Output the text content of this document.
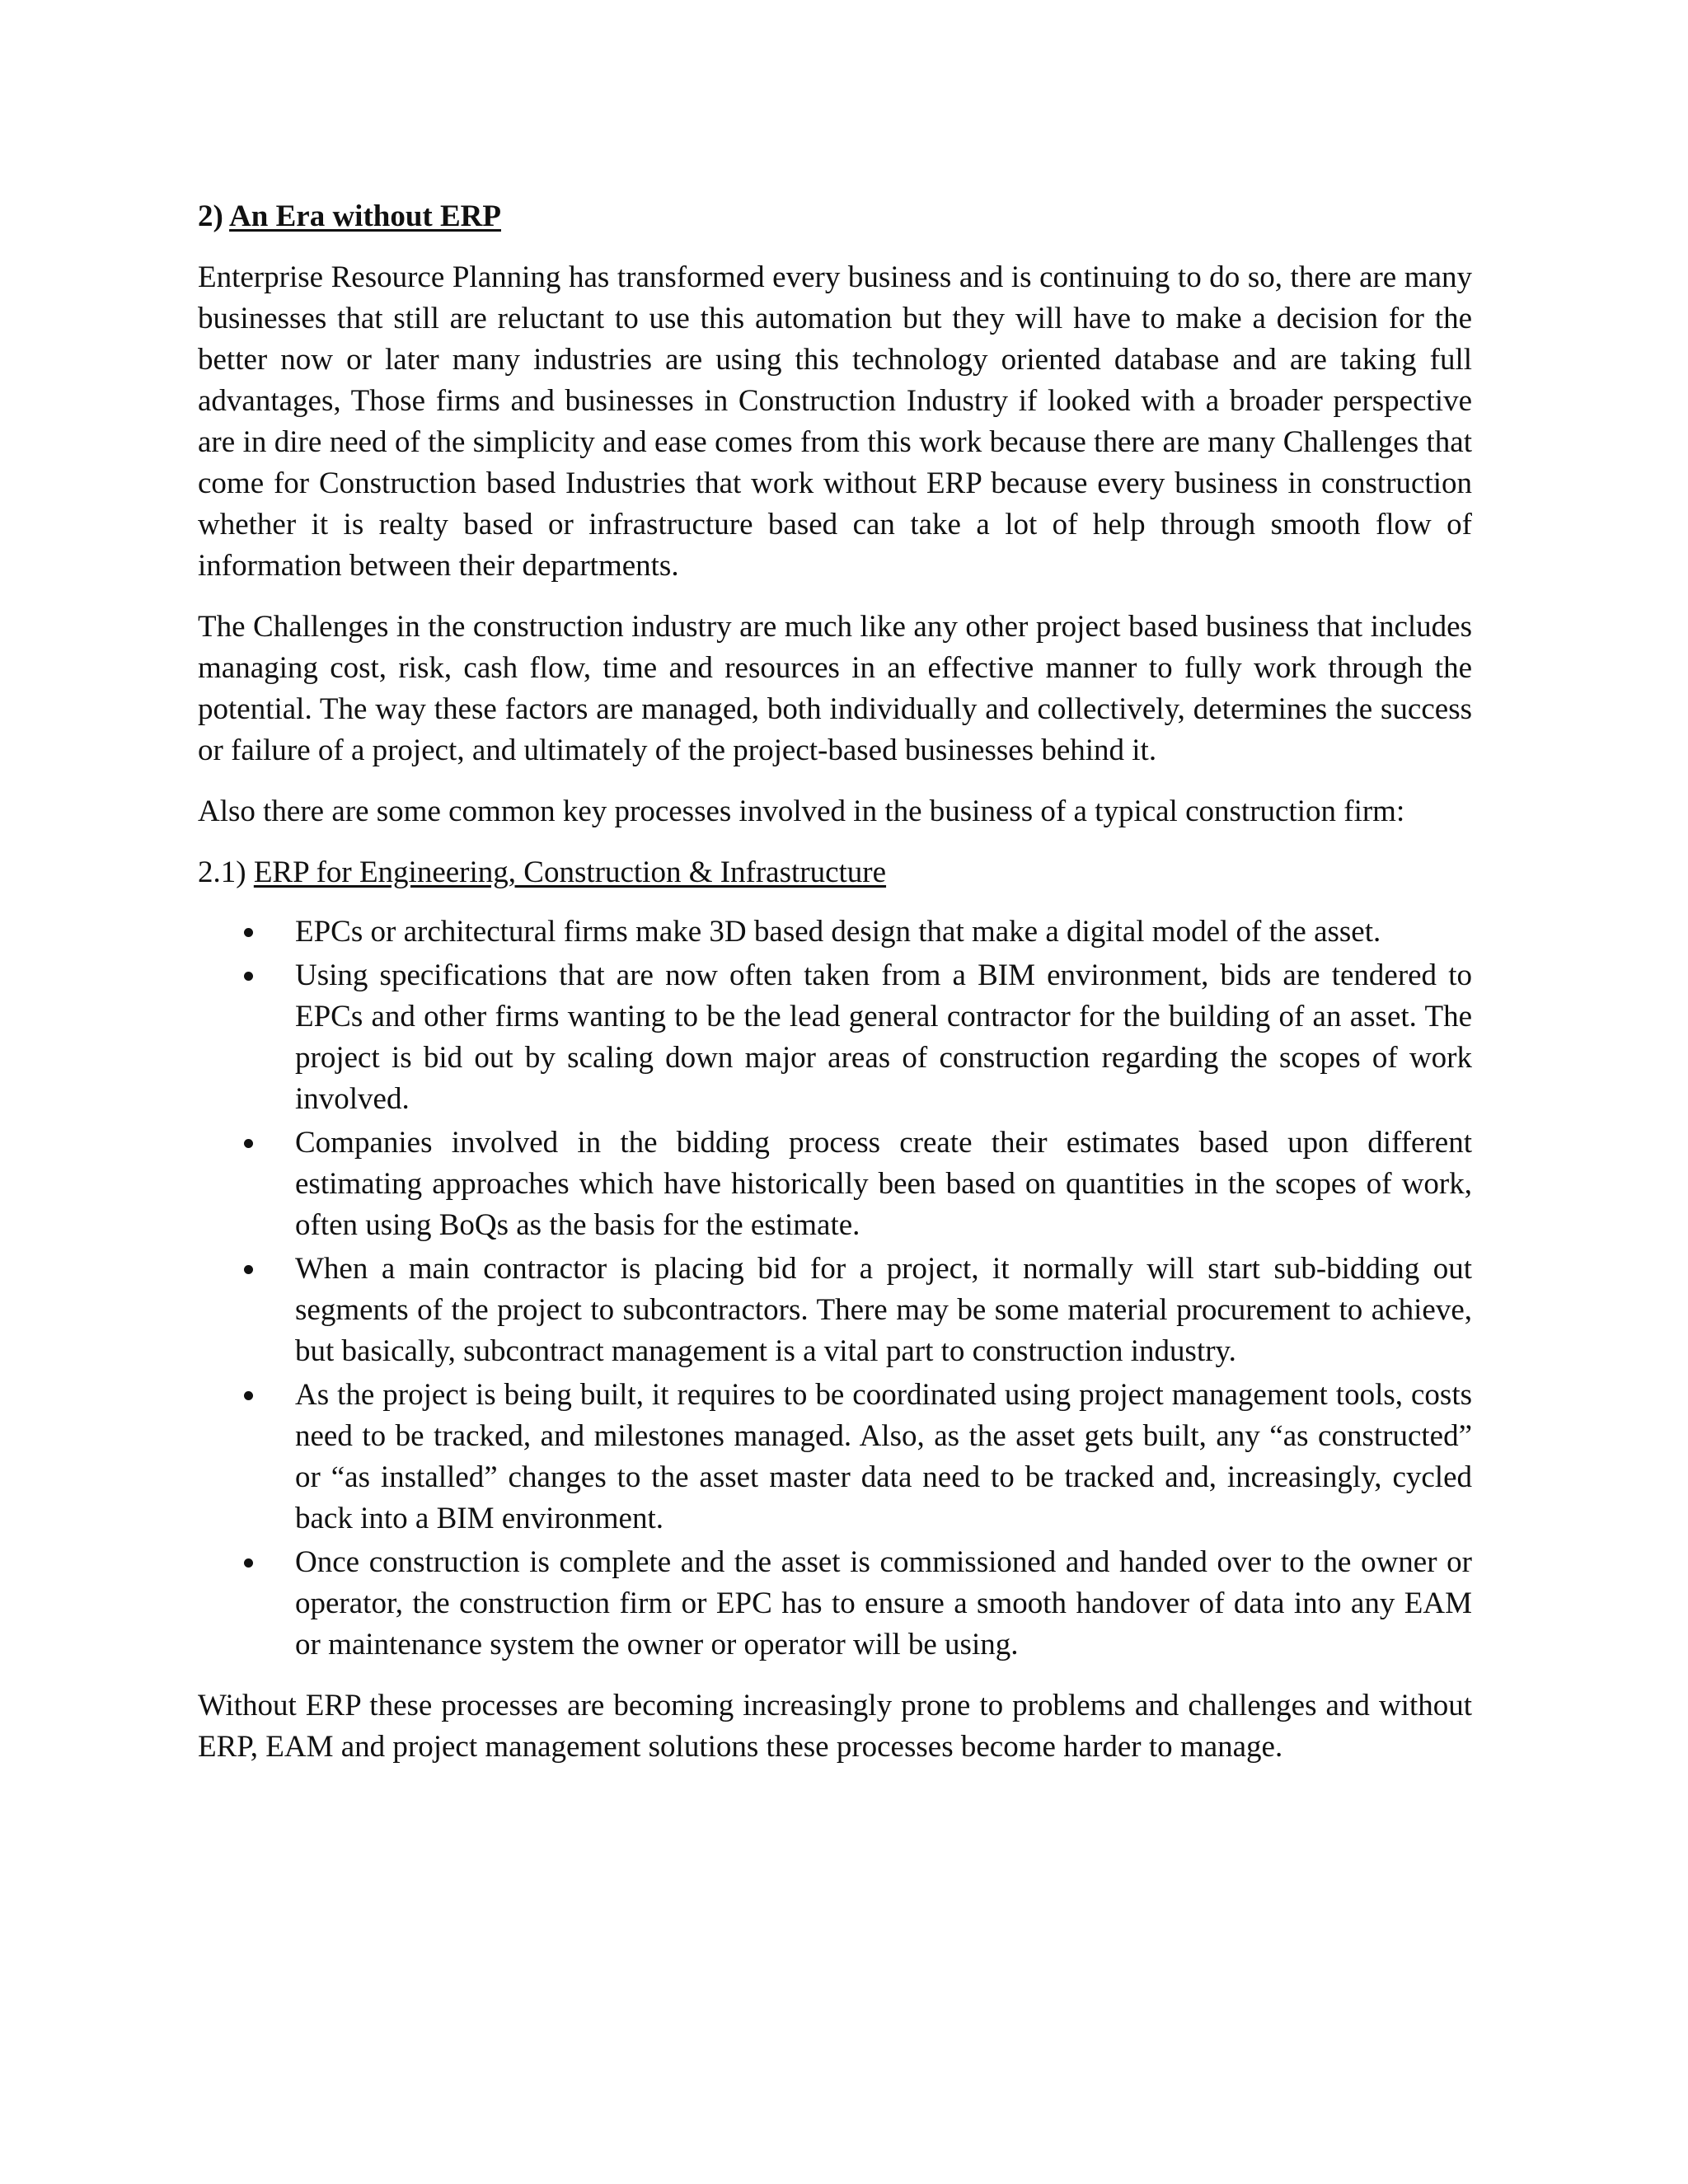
2) An Era without ERP

Enterprise Resource Planning has transformed every business and is continuing to do so, there are many businesses that still are reluctant to use this automation but they will have to make a decision for the better now or later many industries are using this technology oriented database and are taking full advantages, Those firms and businesses in Construction Industry if looked with a broader perspective are in dire need of the simplicity and ease comes from this work because there are many Challenges that come for Construction based Industries that work without ERP because every business in construction whether it is realty based or infrastructure based can take a lot of help through smooth flow of information between their departments.

The Challenges in the construction industry are much like any other project based business that includes managing cost, risk, cash flow, time and resources in an effective manner to fully work through the potential. The way these factors are managed, both individually and collectively, determines the success or failure of a project, and ultimately of the project-based businesses behind it.

Also there are some common key processes involved in the business of a typical construction firm:

2.1) ERP for Engineering, Construction & Infrastructure
EPCs or architectural firms make 3D based design that make a digital model of the asset.
Using specifications that are now often taken from a BIM environment, bids are tendered to EPCs and other firms wanting to be the lead general contractor for the building of an asset. The project is bid out by scaling down major areas of construction regarding the scopes of work involved.
Companies involved in the bidding process create their estimates based upon different estimating approaches which have historically been based on quantities in the scopes of work, often using BoQs as the basis for the estimate.
When a main contractor is placing bid for a project, it normally will start sub-bidding out segments of the project to subcontractors. There may be some material procurement to achieve, but basically, subcontract management is a vital part to construction industry.
As the project is being built, it requires to be coordinated using project management tools, costs need to be tracked, and milestones managed. Also, as the asset gets built, any “as constructed” or “as installed” changes to the asset master data need to be tracked and, increasingly, cycled back into a BIM environment.
Once construction is complete and the asset is commissioned and handed over to the owner or operator, the construction firm or EPC has to ensure a smooth handover of data into any EAM or maintenance system the owner or operator will be using.

Without ERP these processes are becoming increasingly prone to problems and challenges and without ERP, EAM and project management solutions these processes become harder to manage.
